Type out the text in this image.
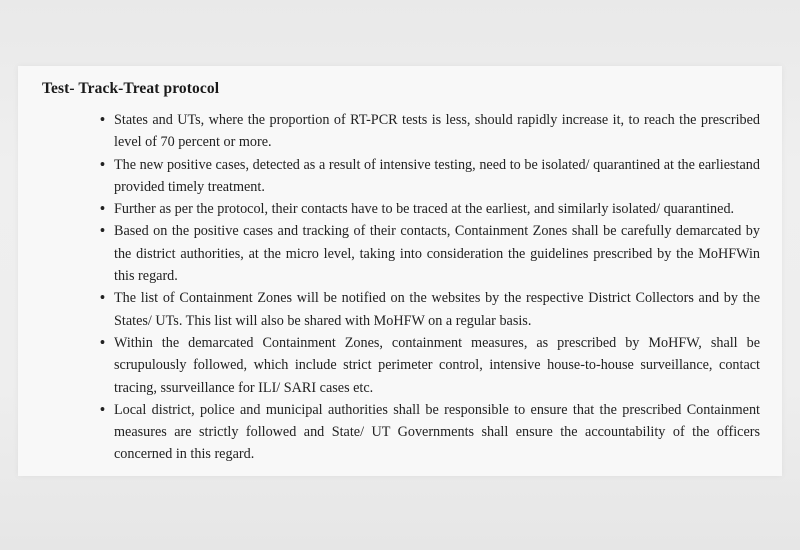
Test- Track-Treat protocol
• States and UTs, where the proportion of RT-PCR tests is less, should rapidly increase it, to reach the prescribed level of 70 percent or more.
• The new positive cases, detected as a result of intensive testing, need to be isolated/ quarantined at the earliestand provided timely treatment.
• Further as per the protocol, their contacts have to be traced at the earliest, and similarly isolated/ quarantined.
• Based on the positive cases and tracking of their contacts, Containment Zones shall be carefully demarcated by the district authorities, at the micro level, taking into consideration the guidelines prescribed by the MoHFWin this regard.
• The list of Containment Zones will be notified on the websites by the respective District Collectors and by the States/ UTs. This list will also be shared with MoHFW on a regular basis.
• Within the demarcated Containment Zones, containment measures, as prescribed by MoHFW, shall be scrupulously followed, which include strict perimeter control, intensive house-to-house surveillance, contact tracing, ssurveillance for ILI/ SARI cases etc.
• Local district, police and municipal authorities shall be responsible to ensure that the prescribed Containment measures are strictly followed and State/ UT Governments shall ensure the accountability of the officers concerned in this regard.
